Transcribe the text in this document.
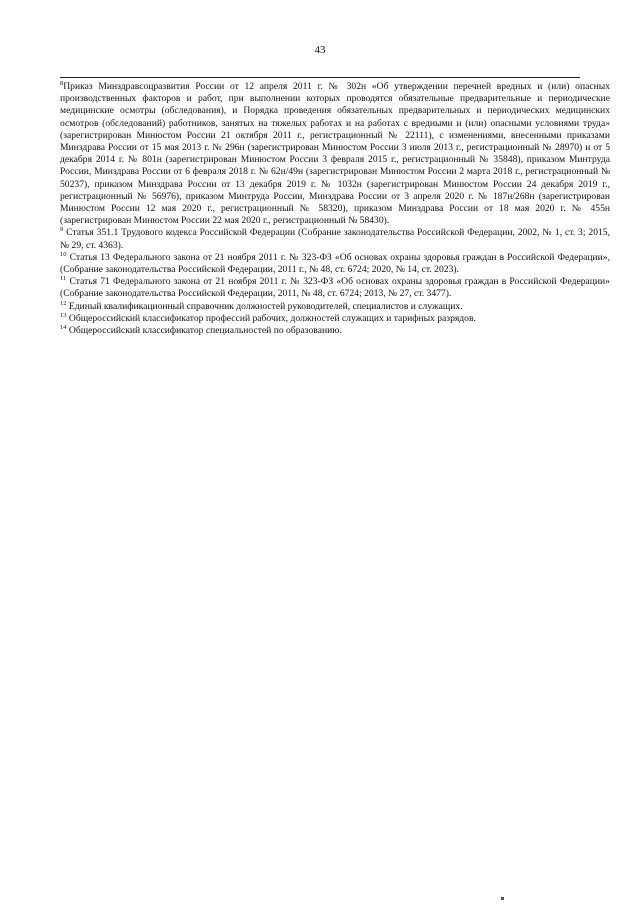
43

$^8$Приказ Минздравсоцразвития России от 12 апреля 2011 г. № 302н «Об утверждении перечней вредных и (или) опасных производственных факторов и работ, при выполнении которых проводятся обязательные предварительные и периодические медицинские осмотры (обследования), и Порядка проведения обязательных предварительных и периодических медицинских осмотров (обследований) работников, занятых на тяжелых работах и на работах с вредными и (или) опасными условиями труда» (зарегистрирован Минюстом России 21 октября 2011 г., регистрационный № 22111), с изменениями, внесенными приказами Минздрава России от 15 мая 2013 г. № 296н (зарегистрирован Минюстом России 3 июля 2013 г., регистрационный № 28970) и от 5 декабря 2014 г. № 801н (зарегистрирован Минюстом России 3 февраля 2015 г., регистрационный № 35848), приказом Минтруда России, Минздрава России от 6 февраля 2018 г. № 62н/49н (зарегистрирован Минюстом России 2 марта 2018 г., регистрационный № 50237), приказом Минздрава России от 13 декабря 2019 г. № 1032н (зарегистрирован Минюстом России 24 декабря 2019 г., регистрационный № 56976), приказом Минтруда России, Минздрава России от 3 апреля 2020 г. № 187н/268н (зарегистрирован Минюстом России 12 мая 2020 г., регистрационный № 58320), приказом Минздрава России от 18 мая 2020 г. № 455н (зарегистрирован Минюстом России 22 мая 2020 г., регистрационный № 58430).

$^9$ Статья 351.1 Трудового кодекса Российской Федерации (Собрание законодательства Российской Федерации, 2002, № 1, ст. 3; 2015, № 29, ст. 4363).

$^{10}$ Статья 13 Федерального закона от 21 ноября 2011 г. № 323-ФЗ «Об основах охраны здоровья граждан в Российской Федерации», (Собрание законодательства Российской Федерации, 2011 г., № 48, ст. 6724; 2020, № 14, ст. 2023).

$^{11}$ Статья 71 Федерального закона от 21 ноября 2011 г. № 323-ФЗ «Об основах охраны здоровья граждан в Российской Федерации» (Собрание законодательства Российской Федерации, 2011, № 48, ст. 6724; 2013, № 27, ст. 3477).

$^{12}$ Единый квалификационный справочник должностей руководителей, специалистов и служащих.

$^{13}$ Общероссийский классификатор профессий рабочих, должностей служащих и тарифных разрядов.

$^{14}$ Общероссийский классификатор специальностей по образованию.
